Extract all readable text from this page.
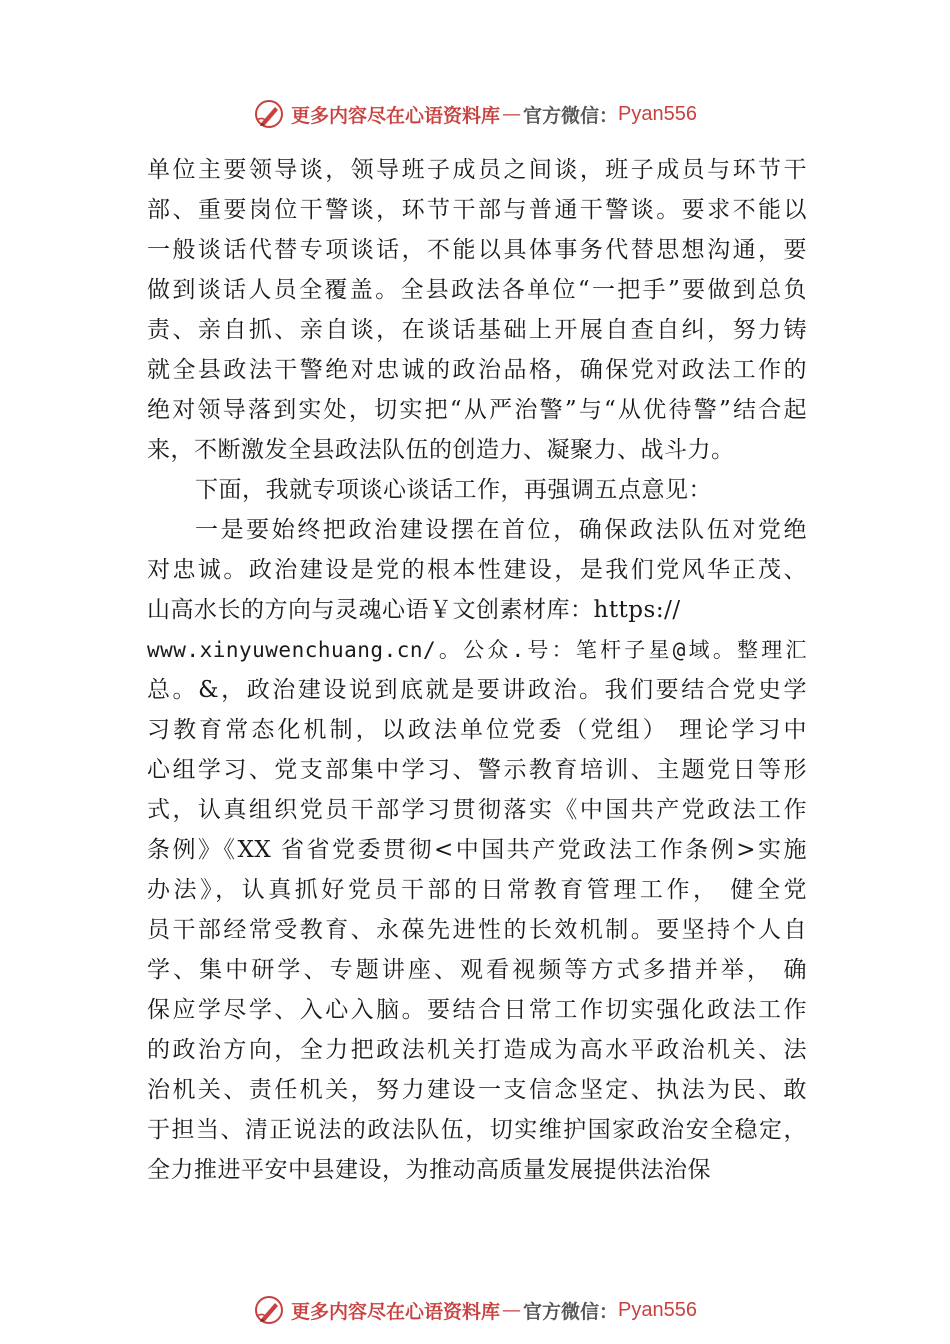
更多内容尽在心语资料库 — 官方微信： Pyan556
单位主要领导谈，领导班子成员之间谈，班子成员与环节干
部、重要岗位干警谈，环节干部与普通干警谈。要求不能以
一般谈话代替专项谈话，不能以具体事务代替思想沟通，要
做到谈话人员全覆盖。全县政法各单位“一把手”要做到总负
责、亲自抓、亲自谈，在谈话基础上开展自查自纠，努力铸
就全县政法干警绝对忠诚的政治品格，确保党对政法工作的
绝对领导落到实处，切实把“从严治警”与“从优待警”结合起
来，不断激发全县政法队伍的创造力、凝聚力、战斗力。
下面，我就专项谈心谈话工作，再强调五点意见：
一是要始终把政治建设摆在首位，确保政法队伍对党绝
对忠诚。政治建设是党的根本性建设，是我们党风华正茂、
山高水长的方向与灵魂心语￥文创素材库：https://
www.xinyuwenchuang.cn/。公众.号：笔杆子星@域。整理汇
总。&，政治建设说到底就是要讲政治。我们要结合党史学
习教育常态化机制，以政法单位党委（党组） 理论学习中
心组学习、党支部集中学习、警示教育培训、主题党日等形
式，认真组织党员干部学习贯彻落实《中国共产党政法工作
条例》《XX 省省党委贯彻<中国共产党政法工作条例>实施
办法》，认真抓好党员干部的日常教育管理工作， 健全党
员干部经常受教育、永葆先进性的长效机制。要坚持个人自
学、集中研学、专题讲座、观看视频等方式多措并举， 确
保应学尽学、入心入脑。要结合日常工作切实强化政法工作
的政治方向，全力把政法机关打造成为高水平政治机关、法
治机关、责任机关，努力建设一支信念坚定、执法为民、敢
于担当、清正说法的政法队伍，切实维护国家政治安全稳定，
全力推进平安中县建设，为推动高质量发展提供法治保
更多内容尽在心语资料库 — 官方微信： Pyan556
